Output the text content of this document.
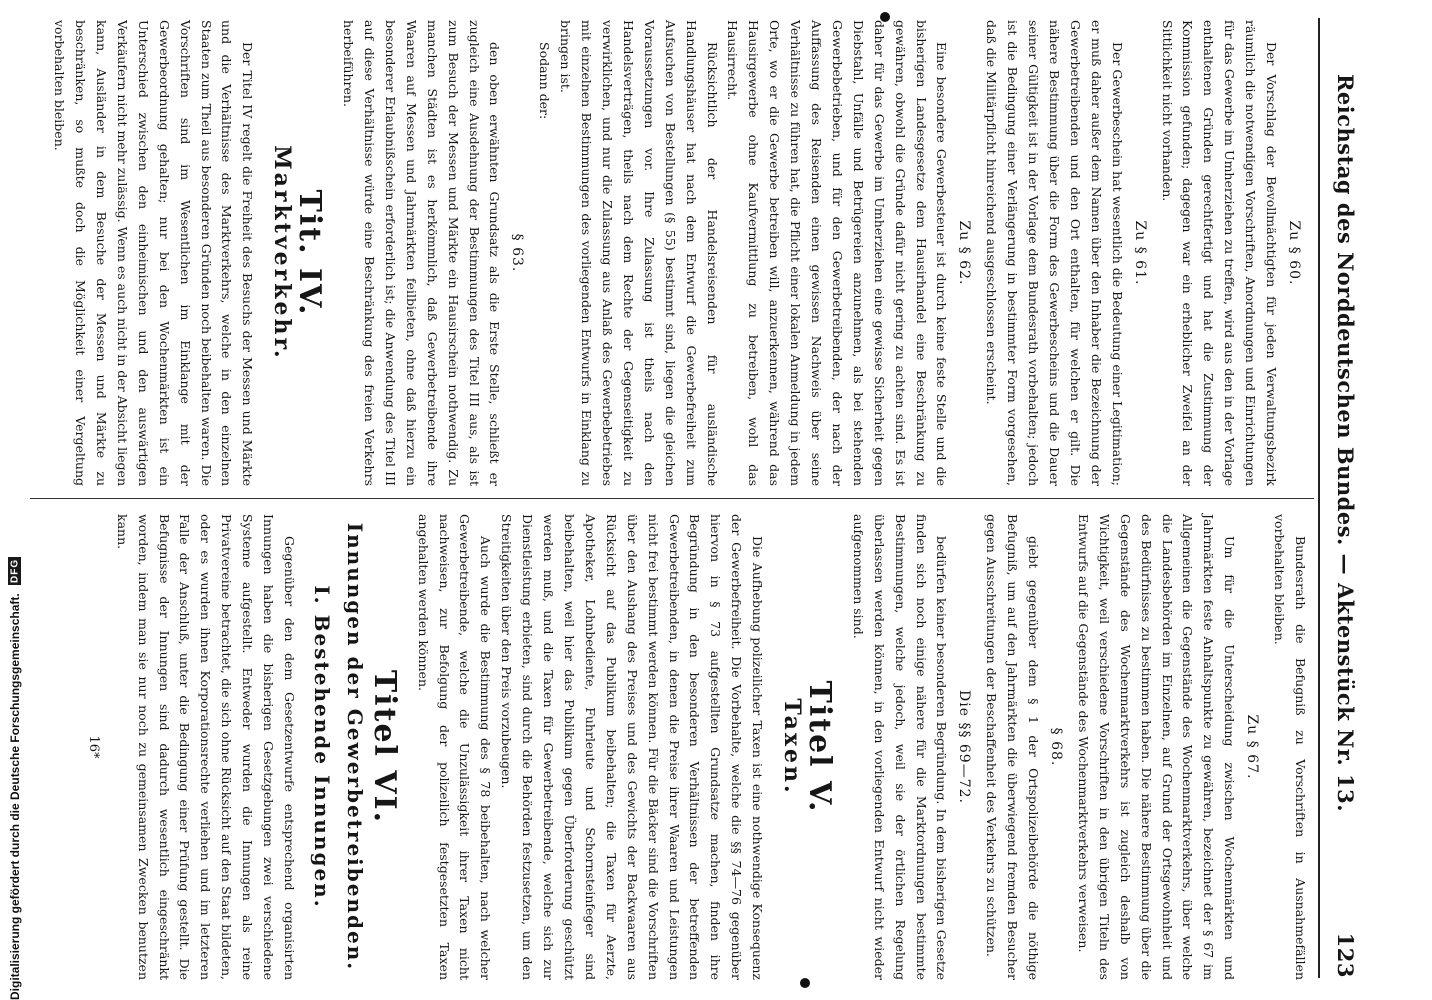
Reichstag des Norddeutschen Bundes. — Aktenstück Nr. 13.
123
Zu § 60.

Der Vorschlag der Bevollmächtigten für jeden Verwaltungsbezirk räumlich die notwendigen Vorschriften, Anordnungen und Einrichtungen für das Gewerbe im Umherziehen zu treffen, wird aus den in der Vorlage enthaltenen Gründen gerechtfertigt und hat die Zustimmung der Kommission gefunden; dagegen war ein erheblicher Zweifel an der Sittlichkeit nicht vorhanden.

Zu § 61.

Der Gewerbeschein hat wesentlich die Bedeutung einer Legitimation; er muß daher außer dem Namen über den Inhaber die Bezeichnung der Gewerbetreibenden und den Ort enthalten, für welchen er gilt. Die nähere Bestimmung über die Form des Gewerbescheins und die Dauer seiner Gültigkeit ist in der Vorlage dem Bundesrath vorbehalten; jedoch ist die Bedingung einer Verlängerung in bestimmter Form vorgesehen, daß die Militärpflicht hinreichend ausgeschlossen erscheint.

Zu § 62.

Eine besondere Gewerbesteuer ist durch keine feste Stelle und die bisherigen Landesgesetze dem Hausirhandel eine Beschränkung zu gewähren, obwohl die Gründe dafür nicht gering zu achten sind. Es ist daher für das Gewerbe im Umherziehen eine gewisse Sicherheit gegen Diebstahl, Unfälle und Betrügereien anzunehmen, als bei stehenden Gewerbebetrieben, und für den Gewerbetreibenden, der nach der Auffassung des Reisenden einen gewissen Nachweis über seine Verhältnisse zu führen hat, die Pflicht einer lokalen Anmeldung in jedem Orte, wo er die Gewerbe betreiben will, anzuerkennen, während das Hausirgewerbe ohne Kaufvermittlung zu betreiben, wohl das Hausirrecht.

Rücksichtlich der Handelsreisenden für ausländische Handlungshäuser hat nach dem Entwurf die Gewerbefreiheit zum Aufsuchen von Bestellungen (§ 55) bestimmt sind, liegen die gleichen Voraussetzungen vor. Ihre Zulassung ist theils nach den Handelsverträgen, theils nach dem Rechte der Gegenseitigkeit zu verwirklichen, und nur die Zulassung aus Anlaß des Gewerbebetriebes mit einzelnen Bestimmungen des vorliegenden Entwurfs in Einklang zu bringen ist.

Sodann der:

§ 63.

den oben erwähnten Grundsatz als die Erste Stelle, schließt er zugleich eine Ausdehnung der Bestimmungen des Titel III aus, als ist zum Besuch der Messen und Märkte ein Hausirschein nothwendig. Zu manchen Städten ist es herkömmlich, daß Gewerbetreibende ihre Waaren auf Messen und Jahrmärkten feilbieten, ohne daß hierzu ein besonderer Erlaubnißschein erforderlich ist; die Anwendung des Titel III auf diese Verhältnisse würde eine Beschränkung des freien Verkehrs herbeiführen.

Tit. IV.
Marktverkehr.

Der Titel IV regelt die Freiheit des Besuchs der Messen und Märkte und die Verhältnisse des Marktverkehrs, welche in den einzelnen Staaten zum Theil aus besonderen Gründen noch beibehalten waren. Die Vorschriften sind im Wesentlichen im Einklange mit der Gewerbeordnung gehalten; nur bei den Wochenmärkten ist ein Unterschied zwischen den einheimischen und den auswärtigen Verkäufern nicht mehr zulässig. Wenn es auch nicht in der Absicht liegen kann, Ausländer in dem Besuche der Messen und Märkte zu beschränken, so mußte doch die Möglichkeit einer Vergeltung vorbehalten bleiben.

Bundesrath die Befugniß zu Vorschriften in Ausnahmefällen vorbehalten bleiben.

Zu § 67.

Um für die Unterscheidung zwischen Wochenmärkten und Jahrmärkten feste Anhaltspunkte zu gewähren, bezeichnet der § 67 im Allgemeinen die Gegenstände des Wochenmarktverkehrs, über welche die Landesbehörden im Einzelnen, auf Grund der Ortsgewohnheit und des Bedürfnisses zu bestimmen haben. Die nähere Bestimmung über die Gegenstände des Wochenmarktverkehrs ist zugleich deshalb von Wichtigkeit, weil verschiedene Vorschriften in den übrigen Titeln des Entwurfs auf die Gegenstände des Wochenmarktverkehrs verweisen.

§ 68.

giebt gegenüber dem § 1 der Ortspolizeibehörde die nöthige Befugniß, um auf den Jahrmärkten die überwiegend fremden Besucher gegen Ausschreitungen der Beschaffenheit des Verkehrs zu schützen.

Die §§ 69—72.

bedürfen keiner besonderen Begründung. In dem bisherigen Gesetze finden sich noch einige nähere für die Marktordnungen bestimmte Bestimmungen, welche jedoch, weil sie der örtlichen Regelung überlassen werden können, in den vorliegenden Entwurf nicht wieder aufgenommen sind.

Titel V.
Taxen.

Die Aufhebung polizeilicher Taxen ist eine nothwendige Konsequenz der Gewerbefreiheit. Die Vorbehalte, welche die §§ 74—76 gegenüber hiervon in § 73 aufgestellten Grundsatze machen, finden ihre Begründung in den besonderen Verhältnissen der betreffenden Gewerbetreibenden, in denen die Preise ihrer Waaren und Leistungen nicht frei bestimmt werden können. Für die Bäcker sind die Vorschriften über den Aushang des Preises und des Gewichts der Backwaaren aus Rücksicht auf das Publikum beibehalten; die Taxen für Aerzte, Apotheker, Lohnbediente, Fuhrleute und Schornsteinfeger sind beibehalten, weil hier das Publikum gegen Überforderung geschützt werden muß, und die Taxen für Gewerbetreibende, welche sich zur Dienstleistung erbieten, sind durch die Behörden festzusetzen, um den Streitigkeiten über den Preis vorzubeugen.

Auch wurde die Bestimmung des § 78 beibehalten, nach welcher Gewerbetreibende, welche die Unzulässigkeit ihrer Taxen nicht nachweisen, zur Befolgung der polizeilich festgesetzten Taxen angehalten werden können.

Titel VI.
Innungen der Gewerbetreibenden.
I. Bestehende Innungen.

Gegenüber den dem Gesetzentwurfe entsprechend organisirten Innungen haben die bisherigen Gesetzgebungen zwei verschiedene Systeme aufgestellt. Entweder wurden die Innungen als reine Privatvereine betrachtet, die sich ohne Rücksicht auf den Staat bildeten, oder es wurden ihnen Korporationsrechte verliehen und im letzteren Falle der Anschluß, unter die Bedingung einer Prüfung gestellt. Die Befugnisse der Innungen sind dadurch wesentlich eingeschränkt worden, indem man sie nur noch zu gemeinsamen Zwecken benutzen kann.

16*
Digitalisierung gefördert durch die Deutsche Forschungsgemeinschaft.
DFG
